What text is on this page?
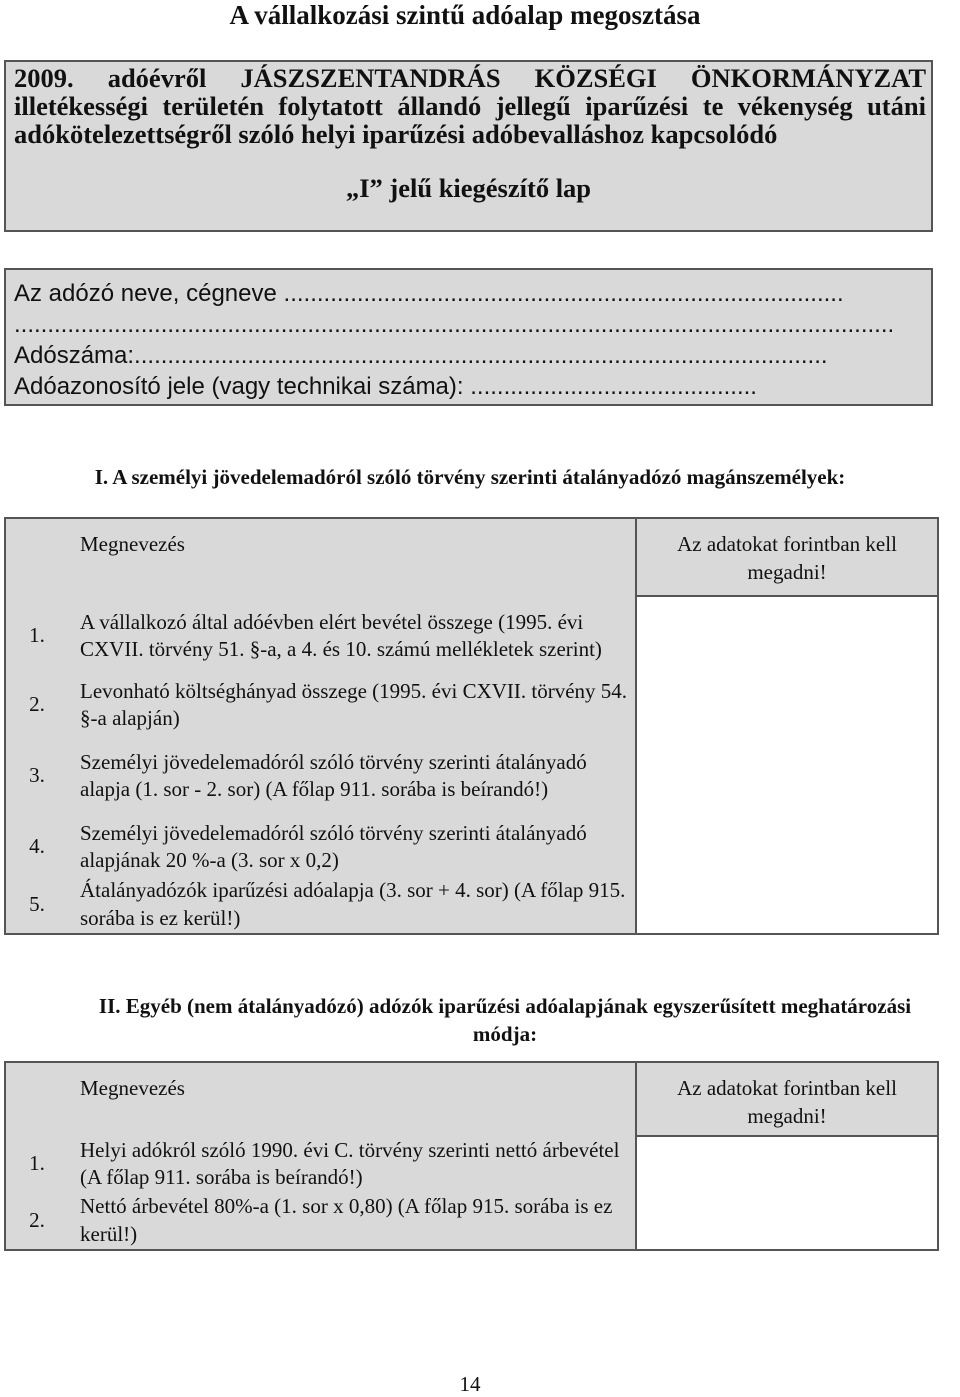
A vállalkozási szintű adóalap megosztása
2009. adóévről JÁSZSZENTANDRÁS KÖZSÉGI ÖNKORMÁNYZAT illetékességi területén folytatott állandó jellegű iparűzési te vékenység utáni adókötelezettségről szóló helyi iparűzési adóbevalláshoz kapcsolódó
„I” jelű kiegészítő lap
Az adózó neve, cégneve ....................................................................................
....................................................................................................................................
Adószáma:........................................................................................................
Adóazonosító jele (vagy technikai száma): ...........................................
I. A személyi jövedelemadóról szóló törvény szerinti átalányadózó magánszemélyek:
	Megnevezés	Az adatokat forintban kell megadni!
1.	A vállalkozó által adóévben elért bevétel összege (1995. évi CXVII. törvény 51. §-a, a 4. és 10. számú mellékletek szerint)	
2.	Levonható költséghányad összege (1995. évi CXVII. törvény 54. §-a alapján)	
3.	Személyi jövedelemadóról szóló törvény szerinti átalányadó alapja (1. sor - 2. sor) (A főlap 911. sorába is beírandó!)	
4.	Személyi jövedelemadóról szóló törvény szerinti átalányadó alapjának 20 %-a (3. sor x 0,2)	
5.	Átalányadózók iparűzési adóalapja (3. sor + 4. sor) (A főlap 915. sorába is ez kerül!)	
II. Egyéb (nem átalányadózó) adózók iparűzési adóalapjának egyszerűsített meghatározási módja:
	Megnevezés	Az adatokat forintban kell megadni!
1.	Helyi adókról szóló 1990. évi C. törvény szerinti nettó árbevétel (A főlap 911. sorába is beírandó!)	
2.	Nettó árbevétel 80%-a (1. sor x 0,80) (A főlap 915. sorába is ez kerül!)	
14
